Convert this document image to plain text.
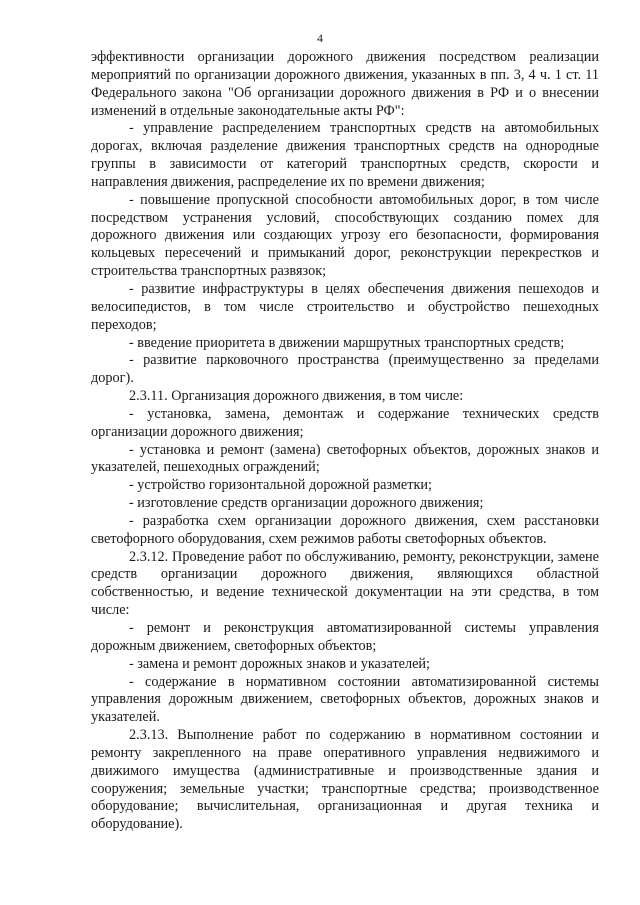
4

эффективности организации дорожного движения посредством реализации мероприятий по организации дорожного движения, указанных в пп. 3, 4 ч. 1 ст. 11 Федерального закона "Об организации дорожного движения в РФ и о внесении изменений в отдельные законодательные акты РФ":

- управление распределением транспортных средств на автомобильных дорогах, включая разделение движения транспортных средств на однородные группы в зависимости от категорий транспортных средств, скорости и направления движения, распределение их по времени движения;

- повышение пропускной способности автомобильных дорог, в том числе посредством устранения условий, способствующих созданию помех для дорожного движения или создающих угрозу его безопасности, формирования кольцевых пересечений и примыканий дорог, реконструкции перекрестков и строительства транспортных развязок;

- развитие инфраструктуры в целях обеспечения движения пешеходов и велосипедистов, в том числе строительство и обустройство пешеходных переходов;

- введение приоритета в движении маршрутных транспортных средств;

- развитие парковочного пространства (преимущественно за пределами дорог).

2.3.11. Организация дорожного движения, в том числе:

- установка, замена, демонтаж и содержание технических средств организации дорожного движения;

- установка и ремонт (замена) светофорных объектов, дорожных знаков и указателей, пешеходных ограждений;

- устройство горизонтальной дорожной разметки;

- изготовление средств организации дорожного движения;

- разработка схем организации дорожного движения, схем расстановки светофорного оборудования, схем режимов работы светофорных объектов.

2.3.12. Проведение работ по обслуживанию, ремонту, реконструкции, замене средств организации дорожного движения, являющихся областной собственностью, и ведение технической документации на эти средства, в том числе:

- ремонт и реконструкция автоматизированной системы управления дорожным движением, светофорных объектов;

- замена и ремонт дорожных знаков и указателей;

- содержание в нормативном состоянии автоматизированной системы управления дорожным движением, светофорных объектов, дорожных знаков и указателей.

2.3.13. Выполнение работ по содержанию в нормативном состоянии и ремонту закрепленного на праве оперативного управления недвижимого и движимого имущества (административные и производственные здания и сооружения; земельные участки; транспортные средства; производственное оборудование; вычислительная, организационная и другая техника и оборудование).
